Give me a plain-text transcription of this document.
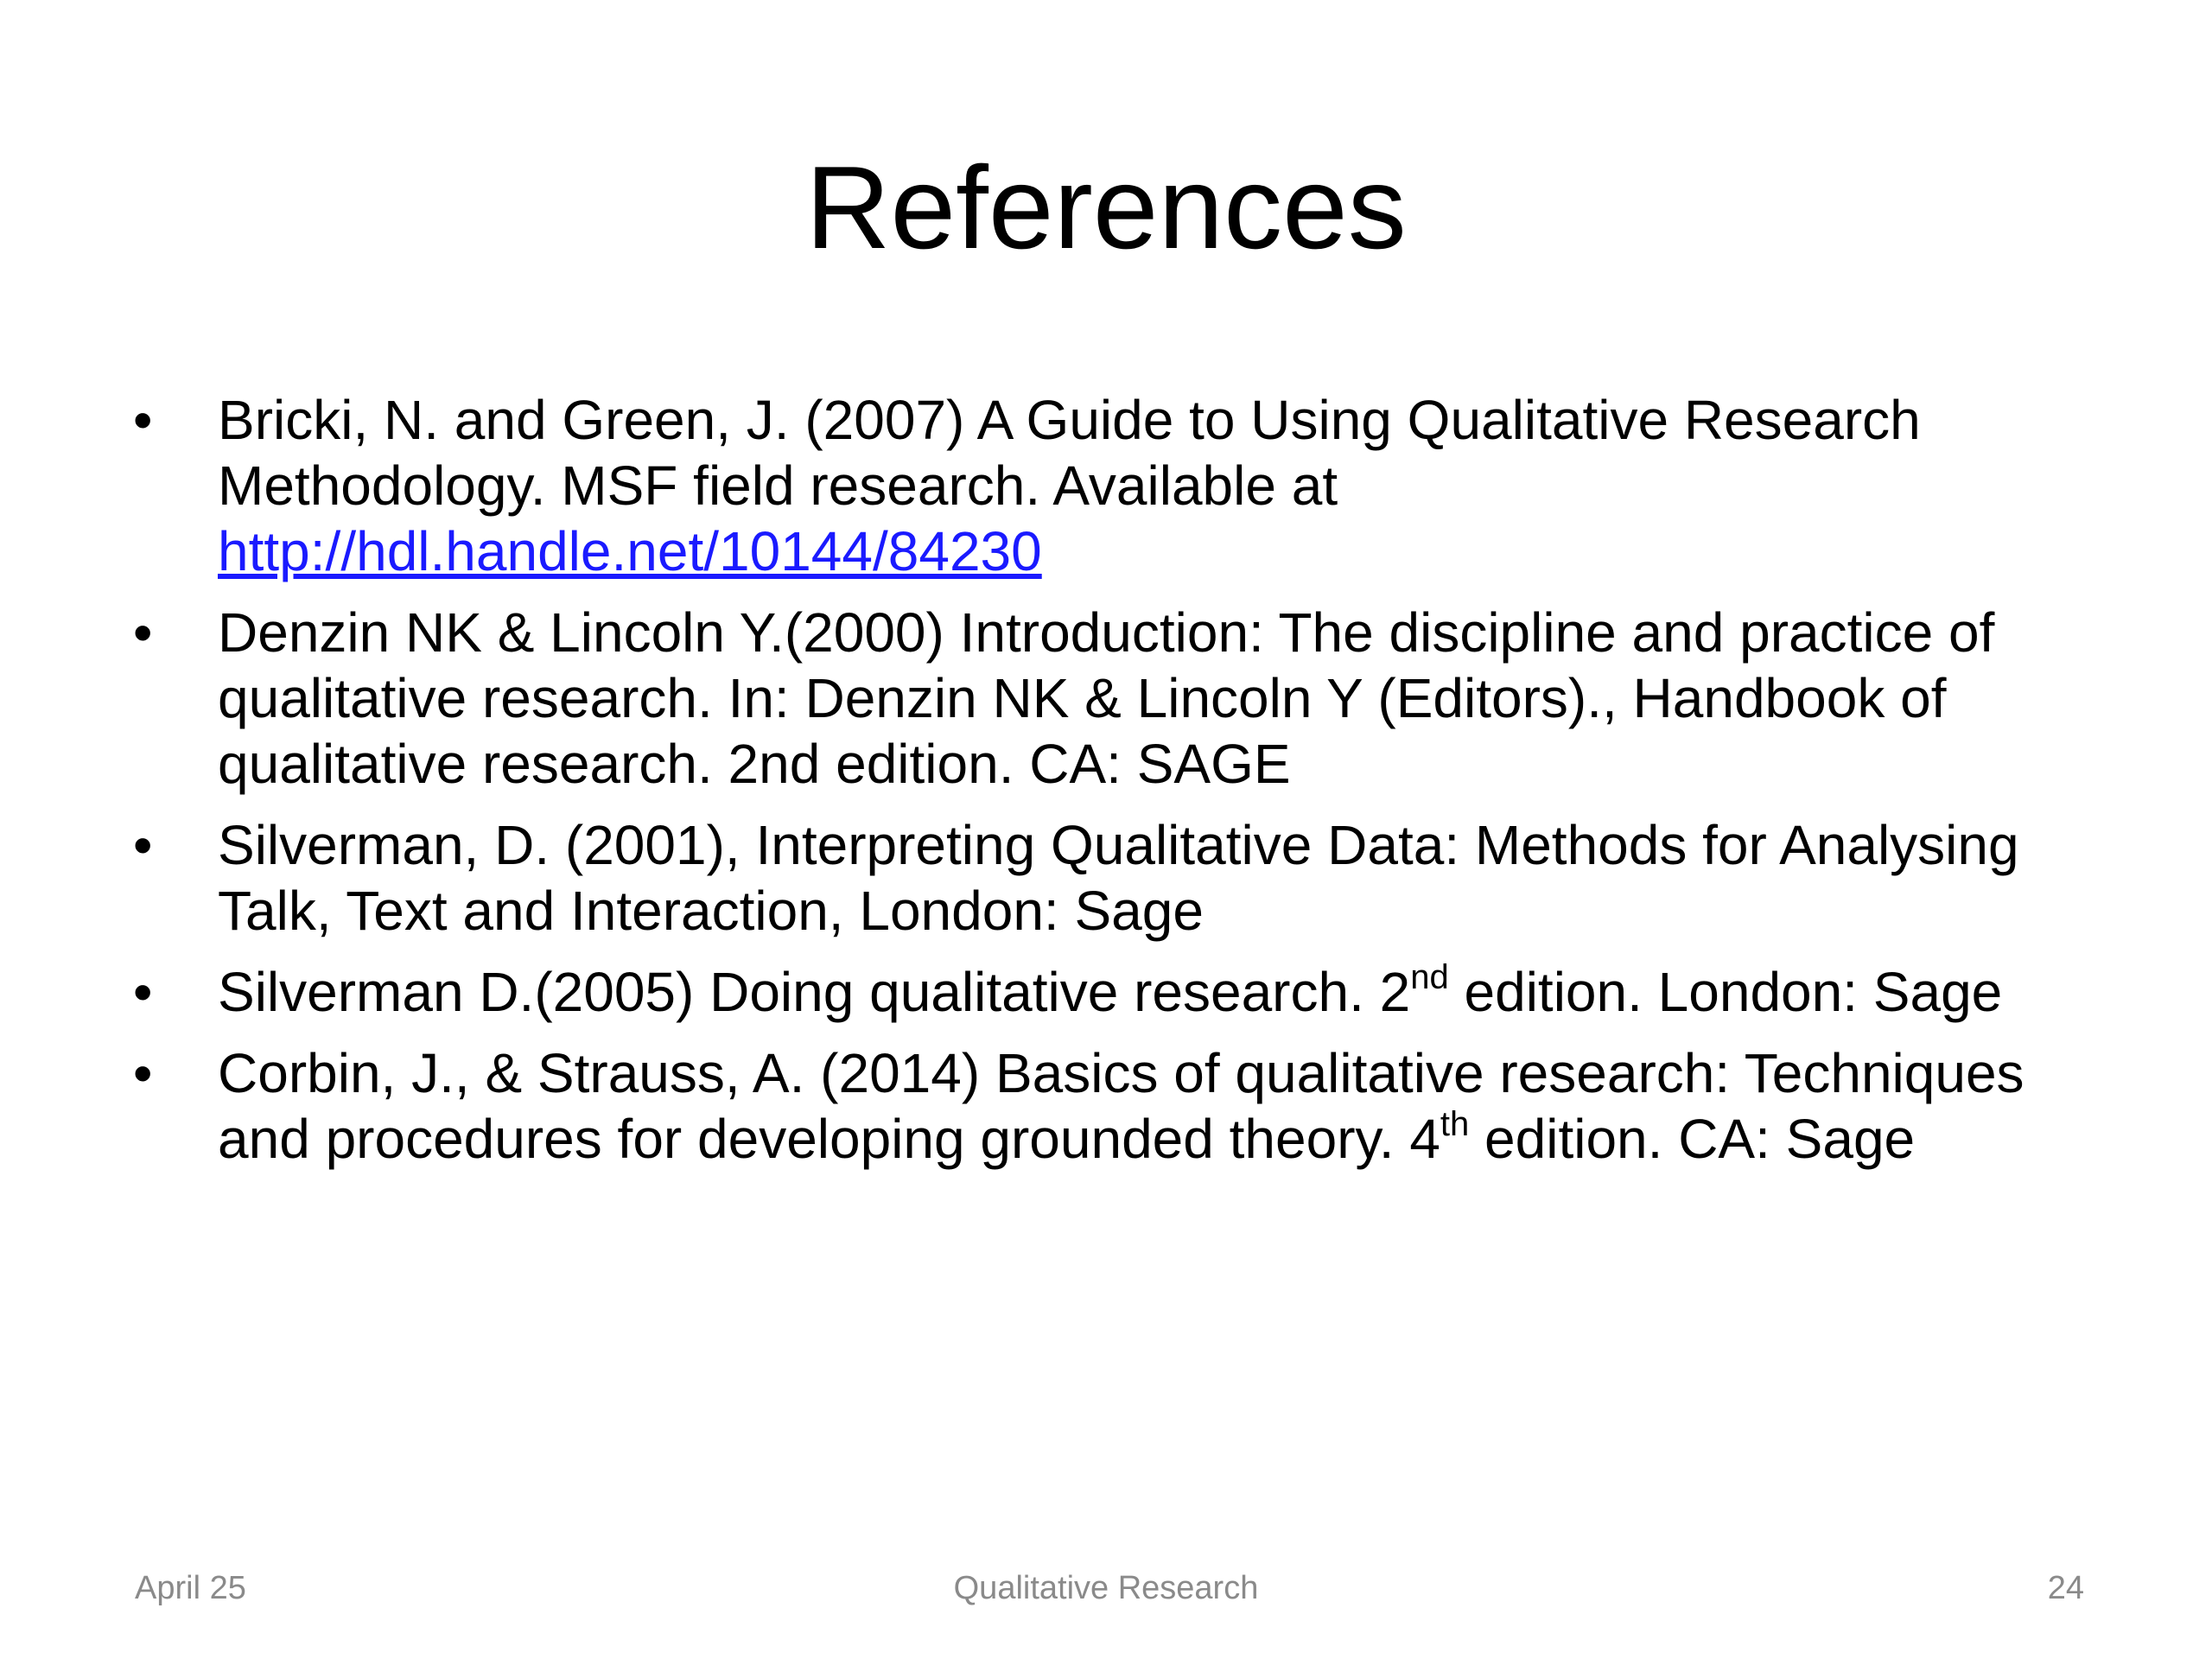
References
• Bricki, N. and Green, J. (2007) A Guide to Using Qualitative Research Methodology. MSF field research. Available at http://hdl.handle.net/10144/84230
• Denzin NK & Lincoln Y.(2000) Introduction: The discipline and practice of qualitative research. In: Denzin NK & Lincoln Y (Editors)., Handbook of qualitative research. 2nd edition. CA: SAGE
• Silverman, D. (2001), Interpreting Qualitative Data: Methods for Analysing Talk, Text and Interaction, London: Sage
• Silverman D.(2005) Doing qualitative research. 2nd edition. London: Sage
• Corbin, J., & Strauss, A. (2014) Basics of qualitative research: Techniques and procedures for developing grounded theory. 4th edition. CA: Sage
April 25	Qualitative Research	24
